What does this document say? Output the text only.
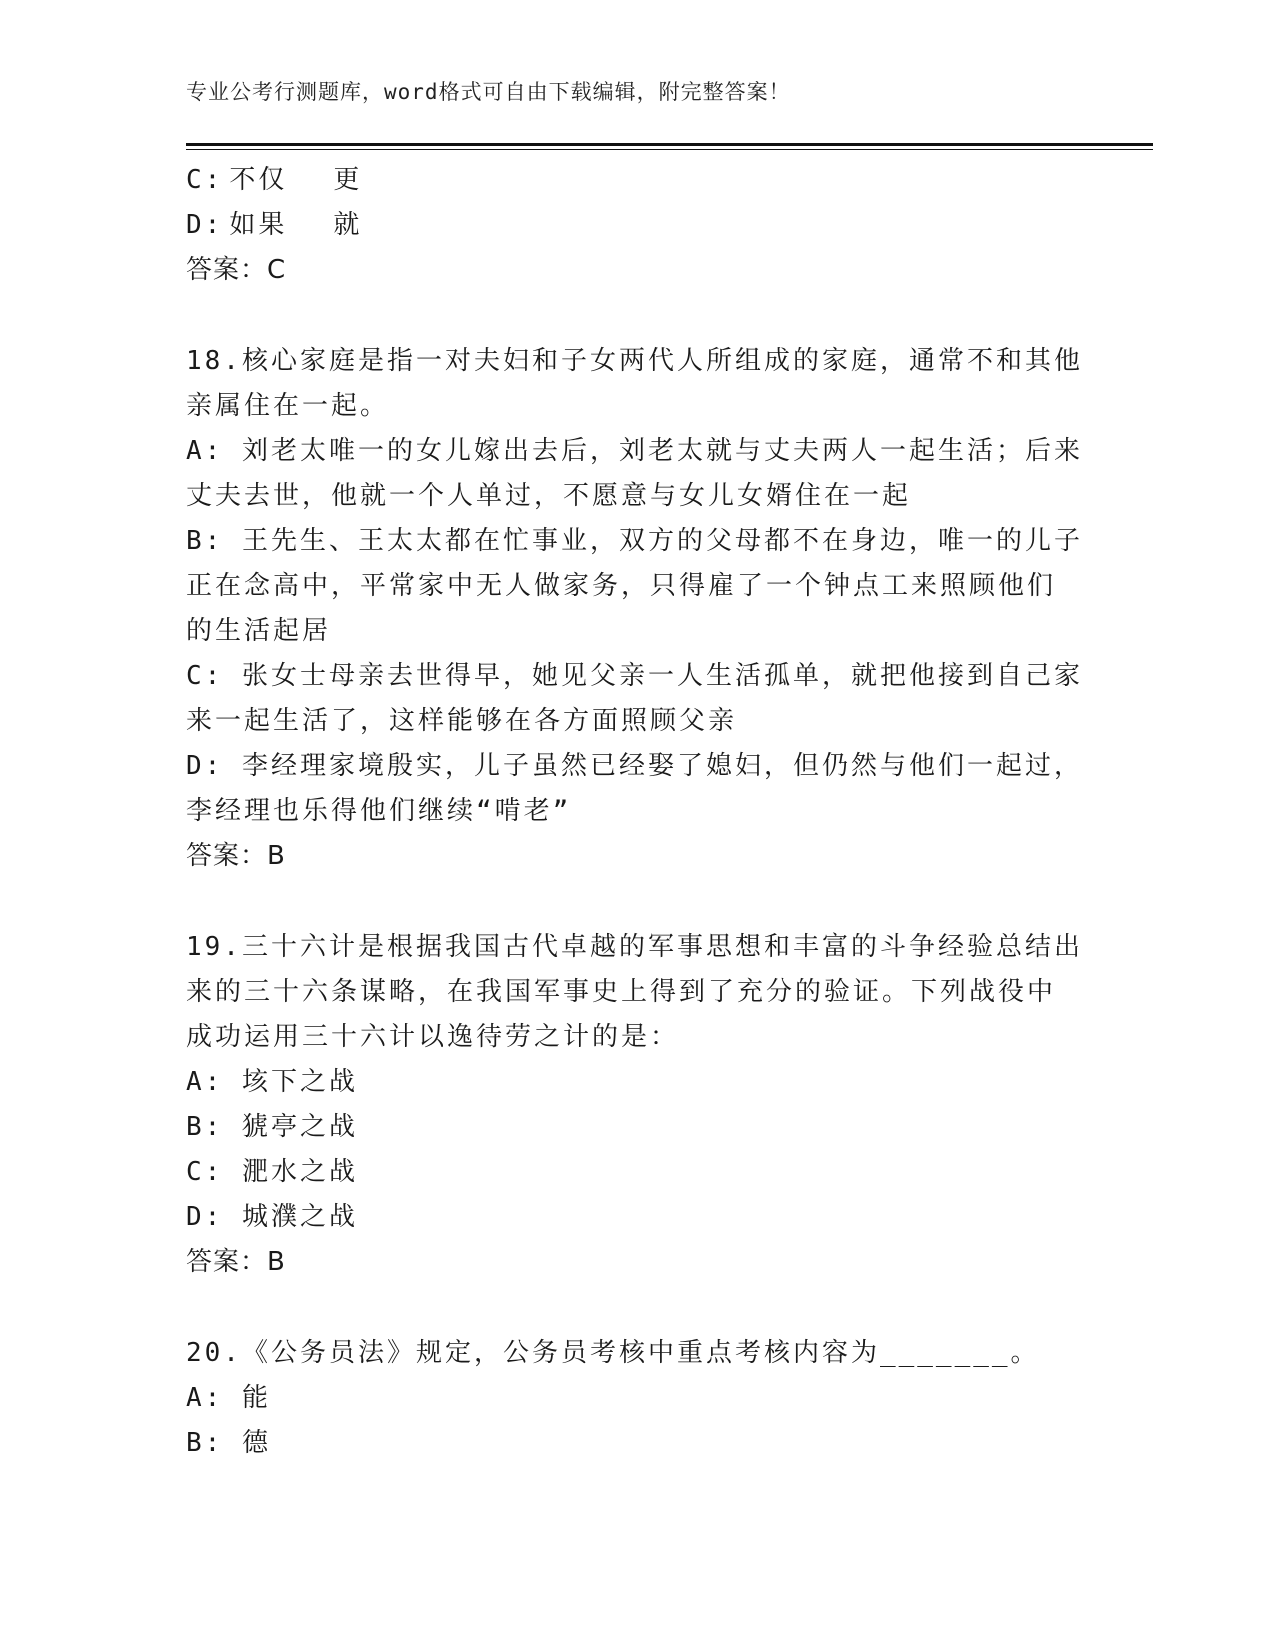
专业公考行测题库，word格式可自由下载编辑，附完整答案！
C: 不仅 更
D: 如果 就
答案：C
18.核心家庭是指一对夫妇和子女两代人所组成的家庭，通常不和其他
亲属住在一起。
A: 刘老太唯一的女儿嫁出去后，刘老太就与丈夫两人一起生活；后来
丈夫去世，他就一个人单过，不愿意与女儿女婿住在一起
B: 王先生、王太太都在忙事业，双方的父母都不在身边，唯一的儿子
正在念高中，平常家中无人做家务，只得雇了一个钟点工来照顾他们
的生活起居
C: 张女士母亲去世得早，她见父亲一人生活孤单，就把他接到自己家
来一起生活了，这样能够在各方面照顾父亲
D: 李经理家境殷实，儿子虽然已经娶了媳妇，但仍然与他们一起过，
李经理也乐得他们继续“啃老”
答案：B
19.三十六计是根据我国古代卓越的军事思想和丰富的斗争经验总结出
来的三十六条谋略，在我国军事史上得到了充分的验证。下列战役中
成功运用三十六计以逸待劳之计的是：
A: 垓下之战
B: 猇亭之战
C: 淝水之战
D: 城濮之战
答案：B
20.《公务员法》规定，公务员考核中重点考核内容为_______。
A: 能
B: 德
